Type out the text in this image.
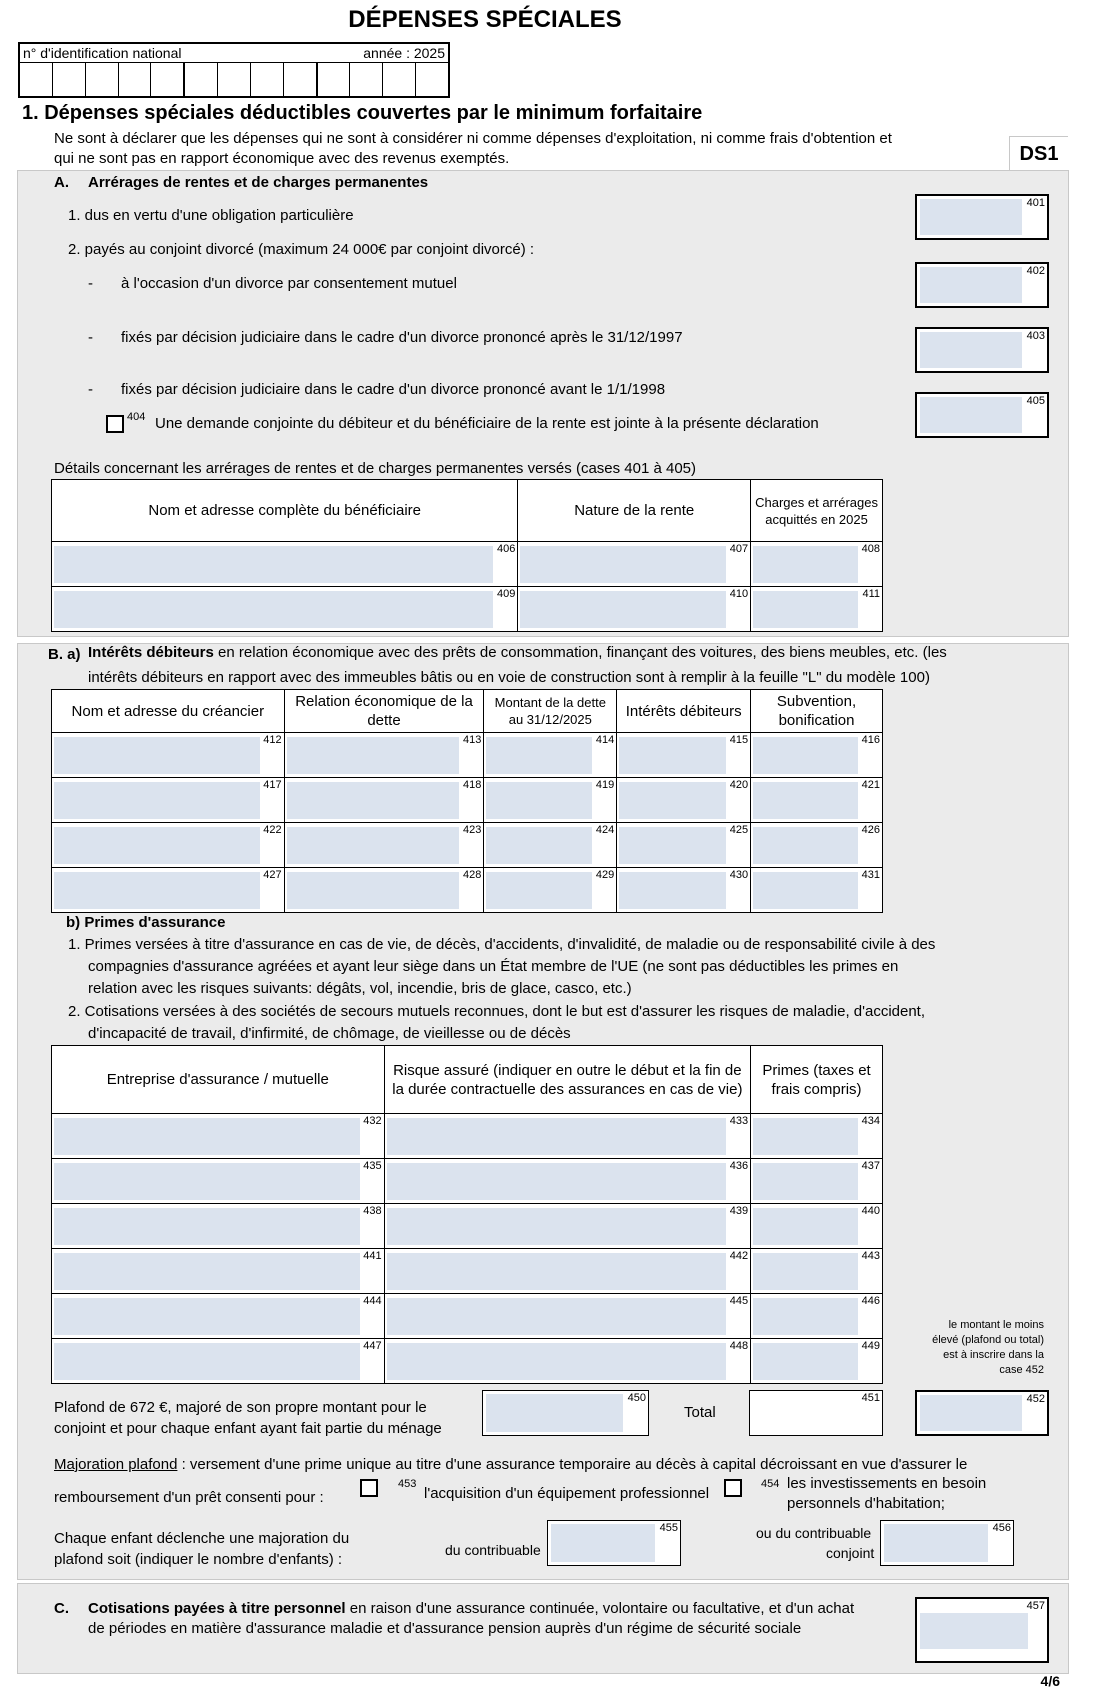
DÉPENSES SPÉCIALES
n° d'identification national	année : 2025
1. Dépenses spéciales déductibles couvertes par le minimum forfaitaire
Ne sont à déclarer que les dépenses qui ne sont à considérer ni comme dépenses d'exploitation, ni comme frais d'obtention et
qui ne sont pas en rapport économique avec des revenus exemptés.	DS1
A. Arrérages de rentes et de charges permanentes
1. dus en vertu d'une obligation particulière
2. payés au conjoint divorcé (maximum 24 000€ par conjoint divorcé) :
- à l'occasion d'un divorce par consentement mutuel
- fixés par décision judiciaire dans le cadre d'un divorce prononcé après le 31/12/1997
- fixés par décision judiciaire dans le cadre d'un divorce prononcé avant le 1/1/1998
404 Une demande conjointe du débiteur et du bénéficiaire de la rente est jointe à la présente déclaration
401
402
403
405
Détails concernant les arrérages de rentes et de charges permanentes versés (cases 401 à 405)
Nom et adresse complète du bénéficiaire	Nature de la rente	Charges et arrérages acquittés en 2025

406	407	408

409	410	411
B. a) Intérêts débiteurs en relation économique avec des prêts de consommation, finançant des voitures, des biens meubles, etc. (les
intérêts débiteurs en rapport avec des immeubles bâtis ou en voie de construction sont à remplir à la feuille "L" du modèle 100)
Nom et adresse du créancier	Relation économique de la dette	Montant de la dette au 31/12/2025	Intérêts débiteurs	Subvention, bonification

412	413	414	415	416

417	418	419	420	421

422	423	424	425	426

427	428	429	430	431
b) Primes d'assurance
1. Primes versées à titre d'assurance en cas de vie, de décès, d'accidents, d'invalidité, de maladie ou de responsabilité civile à des
compagnies d'assurance agréées et ayant leur siège dans un État membre de l'UE (ne sont pas déductibles les primes en
relation avec les risques suivants: dégâts, vol, incendie, bris de glace, casco, etc.)
2. Cotisations versées à des sociétés de secours mutuels reconnues, dont le but est d'assurer les risques de maladie, d'accident,
d'incapacité de travail, d'infirmité, de chômage, de vieillesse ou de décès
Entreprise d'assurance / mutuelle	Risque assuré (indiquer en outre le début et la fin de la durée contractuelle des assurances en cas de vie)	Primes (taxes et frais compris)

432	433	434

435	436	437

438	439	440

441	442	443

444	445	446

447	448	449
le montant le moins
élevé (plafond ou total)
est à inscrire dans la
case 452
Plafond de 672 €, majoré de son propre montant pour le
conjoint et pour chaque enfant ayant fait partie du ménage
450
Total
451	452
Majoration plafond : versement d'une prime unique au titre d'une assurance temporaire au décès à capital décroissant en vue d'assurer le
remboursement d'un prêt consenti pour :
453
l'acquisition d'un équipement professionnel
454 les investissements en besoin
personnels d'habitation;
Chaque enfant déclenche une majoration du
plafond soit (indiquer le nombre d'enfants) :
du contribuable
455	ou du contribuable
conjoint
456
C. Cotisations payées à titre personnel en raison d'une assurance continuée, volontaire ou facultative, et d'un achat
de périodes en matière d'assurance maladie et d'assurance pension auprès d'un régime de sécurité sociale
457
4/6
